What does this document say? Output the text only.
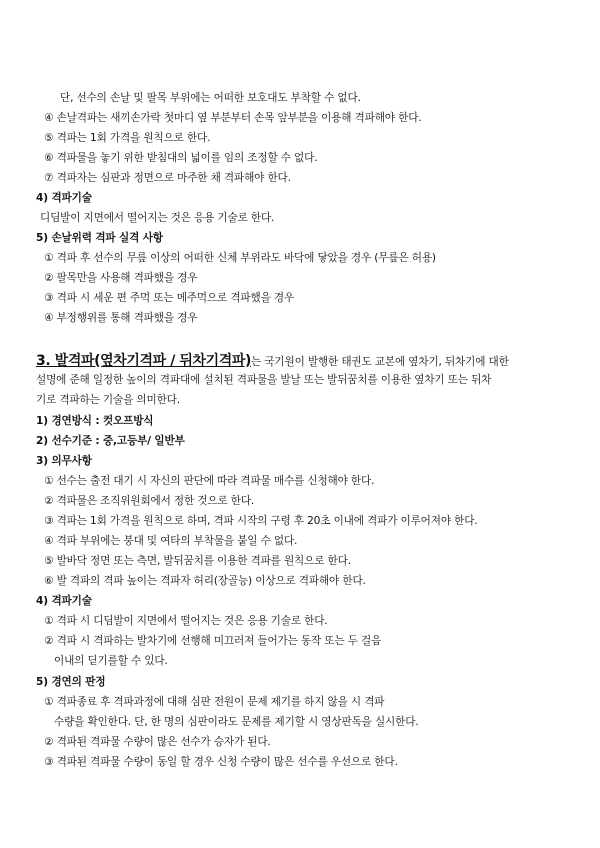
단, 선수의 손날 및 팔목 부위에는 어떠한 보호대도 부착할 수 없다.
④ 손날격파는 새끼손가락 첫마디 옆 부분부터 손목 앞부분을 이용해 격파해야 한다.
⑤ 격파는 1회 가격을 원칙으로 한다.
⑥ 격파물을 놓기 위한 받침대의 넓이를 임의 조정할 수 없다.
⑦ 격파자는 심판과 정면으로 마주한 채 격파해야 한다.
4) 격파기술
디딤발이 지면에서 떨어지는 것은 응용 기술로 한다.
5) 손날위력 격파 실격 사항
① 격파 후 선수의 무릎 이상의 어떠한 신체 부위라도 바닥에 닿았을 경우 (무릎은 허용)
② 팔목만을 사용해 격파했을 경우
③ 격파 시 세운 편 주먹 또는 메주먹으로 격파했을 경우
④ 부정행위를 통해 격파했을 경우
3. 발격파(옆차기격파 / 뒤차기격파)는 국기원이 발행한 태권도 교본에 옆차기, 뒤차기에 대한
설명에 준해 일정한 높이의 격파대에 설치된 격파물을 발날 또는 발뒤꿈치를 이용한 옆차기 또는 뒤차
기로 격파하는 기술을 의미한다.
1) 경연방식 : 컷오프방식
2) 선수기준 : 중,고등부/ 일반부
3) 의무사항
① 선수는 출전 대기 시 자신의 판단에 따라 격파물 매수를 신청해야 한다.
② 격파물은 조직위원회에서 정한 것으로 한다.
③ 격파는 1회 가격을 원칙으로 하며, 격파 시작의 구령 후 20초 이내에 격파가 이루어져야 한다.
④ 격파 부위에는 붕대 및 여타의 부착물을 붙일 수 없다.
⑤ 발바닥 정면 또는 측면, 발뒤꿈치를 이용한 격파를 원칙으로 한다.
⑥ 발 격파의 격파 높이는 격파자 허리(장골능) 이상으로 격파해야 한다.
4) 격파기술
① 격파 시 디딤발이 지면에서 떨어지는 것은 응용 기술로 한다.
② 격파 시 격파하는 발차기에 선행해 미끄러져 들어가는 동작 또는 두 걸음
이내의 딛기를할 수 있다.
5) 경연의 판정
① 격파종료 후 격파과정에 대해 심판 전원이 문제 제기를 하지 않을 시 격파
수량을 확인한다. 단, 한 명의 심판이라도 문제를 제기할 시 영상판독을 실시한다.
② 격파된 격파물 수량이 많은 선수가 승자가 된다.
③ 격파된 격파물 수량이 동일 할 경우 신청 수량이 많은 선수를 우선으로 한다.
